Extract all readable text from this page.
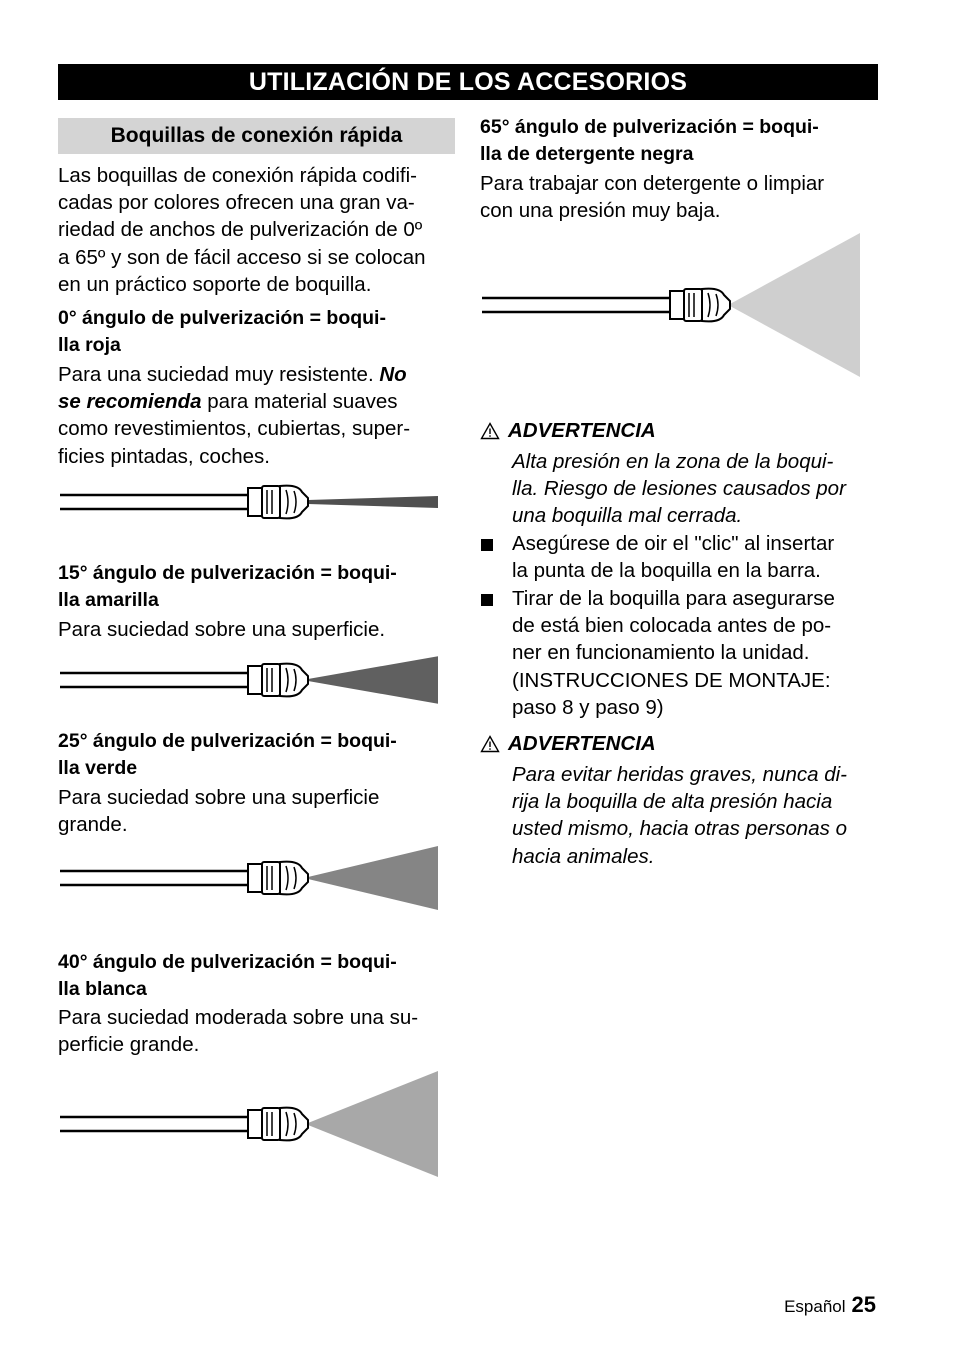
UTILIZACIÓN DE LOS ACCESORIOS
Boquillas de conexión rápida

Las boquillas de conexión rápida codifi-
cadas por colores ofrecen una gran va-
riedad de anchos de pulverización de 0º
a 65º y son de fácil acceso si se colocan
en un práctico soporte de boquilla.

0° ángulo de pulverización = boqui-
lla roja

Para una suciedad muy resistente. No
se recomienda para material suaves
como revestimientos, cubiertas, super-
ficies pintadas, coches.

15° ángulo de pulverización = boqui-
lla amarilla

Para suciedad sobre una superficie.

25° ángulo de pulverización = boqui-
lla verde

Para suciedad sobre una superficie
grande.

40° ángulo de pulverización = boqui-
lla blanca

Para suciedad moderada sobre una su-
perficie grande.

65° ángulo de pulverización = boqui-
lla de detergente negra

Para trabajar con detergente o limpiar
con una presión muy baja.

ADVERTENCIA

Alta presión en la zona de la boqui-
lla. Riesgo de lesiones causados por
una boquilla mal cerrada.

Asegúrese de oir el "clic" al insertar
la punta de la boquilla en la barra.

Tirar de la boquilla para asegurarse
de está bien colocada antes de po-
ner en funcionamiento la unidad.
(INSTRUCCIONES DE MONTAJE:
paso 8 y paso 9)

ADVERTENCIA

Para evitar heridas graves, nunca di-
rija la boquilla de alta presión hacia
usted mismo, hacia otras personas o
hacia animales.

Español 25
